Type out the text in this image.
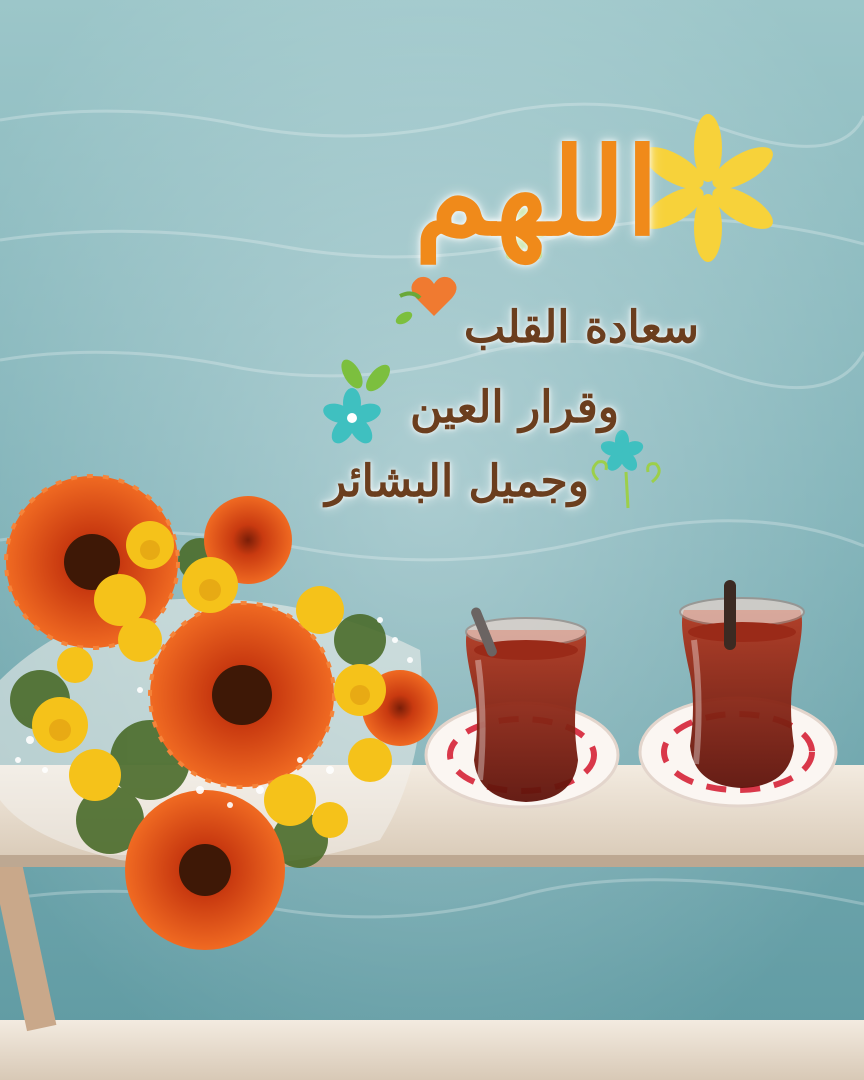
اللهم
سعادة القلب
وقرار العين
وجميل البشائر
